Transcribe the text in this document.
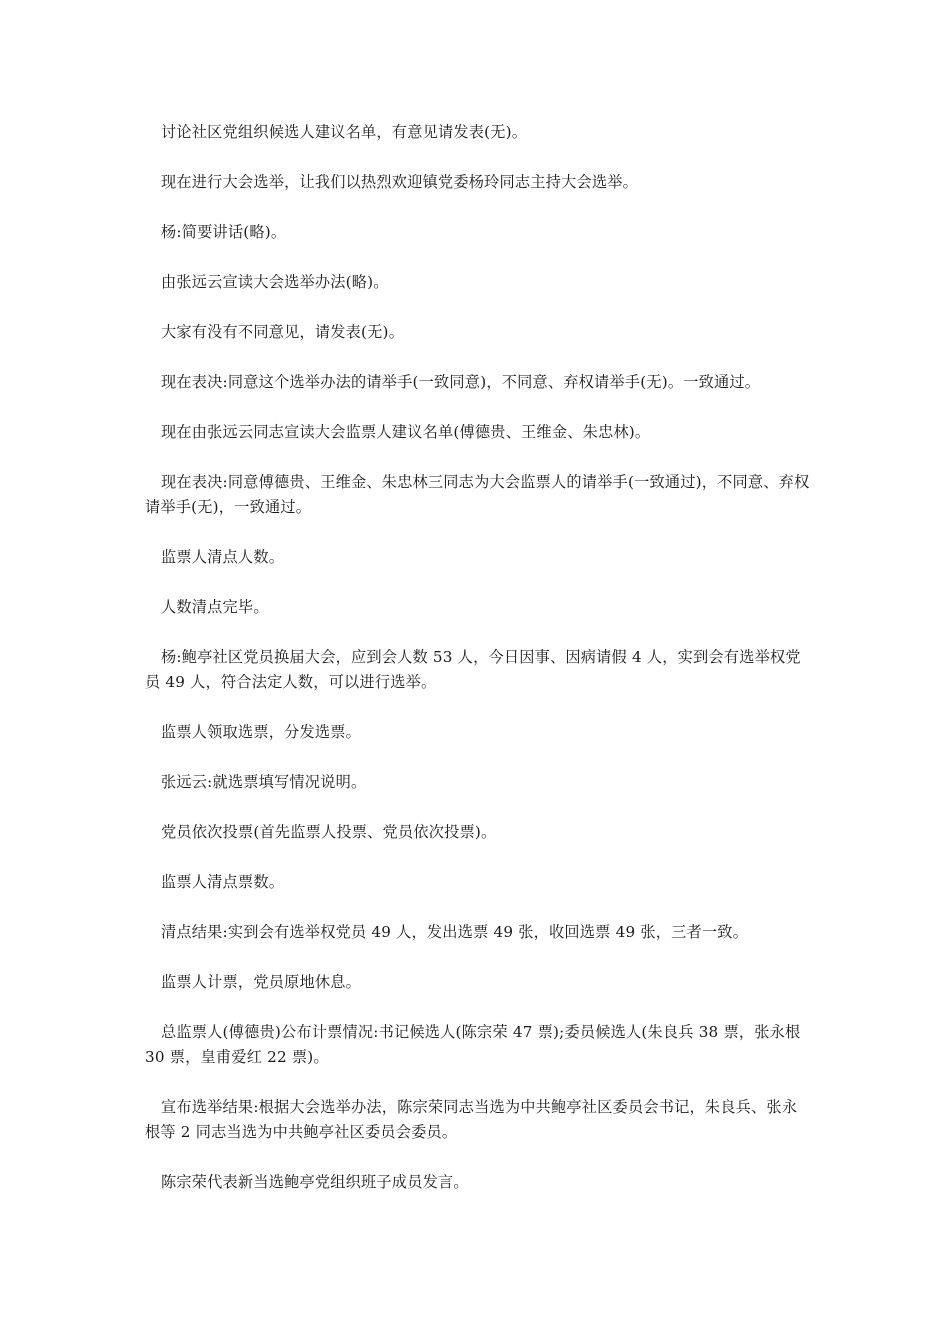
讨论社区党组织候选人建议名单，有意见请发表(无)。

现在进行大会选举，让我们以热烈欢迎镇党委杨玲同志主持大会选举。

杨:简要讲话(略)。

由张远云宣读大会选举办法(略)。

大家有没有不同意见，请发表(无)。

现在表决:同意这个选举办法的请举手(一致同意)，不同意、弃权请举手(无)。一致通过。

现在由张远云同志宣读大会监票人建议名单(傅德贵、王维金、朱忠林)。

现在表决:同意傅德贵、王维金、朱忠林三同志为大会监票人的请举手(一致通过)，不同意、弃权请举手(无)，一致通过。

监票人清点人数。

人数清点完毕。

杨:鲍亭社区党员换届大会，应到会人数 53 人，今日因事、因病请假 4 人，实到会有选举权党员 49 人，符合法定人数，可以进行选举。

监票人领取选票，分发选票。

张远云:就选票填写情况说明。

党员依次投票(首先监票人投票、党员依次投票)。

监票人清点票数。

清点结果:实到会有选举权党员 49 人，发出选票 49 张，收回选票 49 张，三者一致。

监票人计票，党员原地休息。

总监票人(傅德贵)公布计票情况:书记候选人(陈宗荣 47 票);委员候选人(朱良兵 38 票，张永根 30 票，皇甫爱红 22 票)。

宣布选举结果:根据大会选举办法，陈宗荣同志当选为中共鲍亭社区委员会书记，朱良兵、张永根等 2 同志当选为中共鲍亭社区委员会委员。

陈宗荣代表新当选鲍亭党组织班子成员发言。
